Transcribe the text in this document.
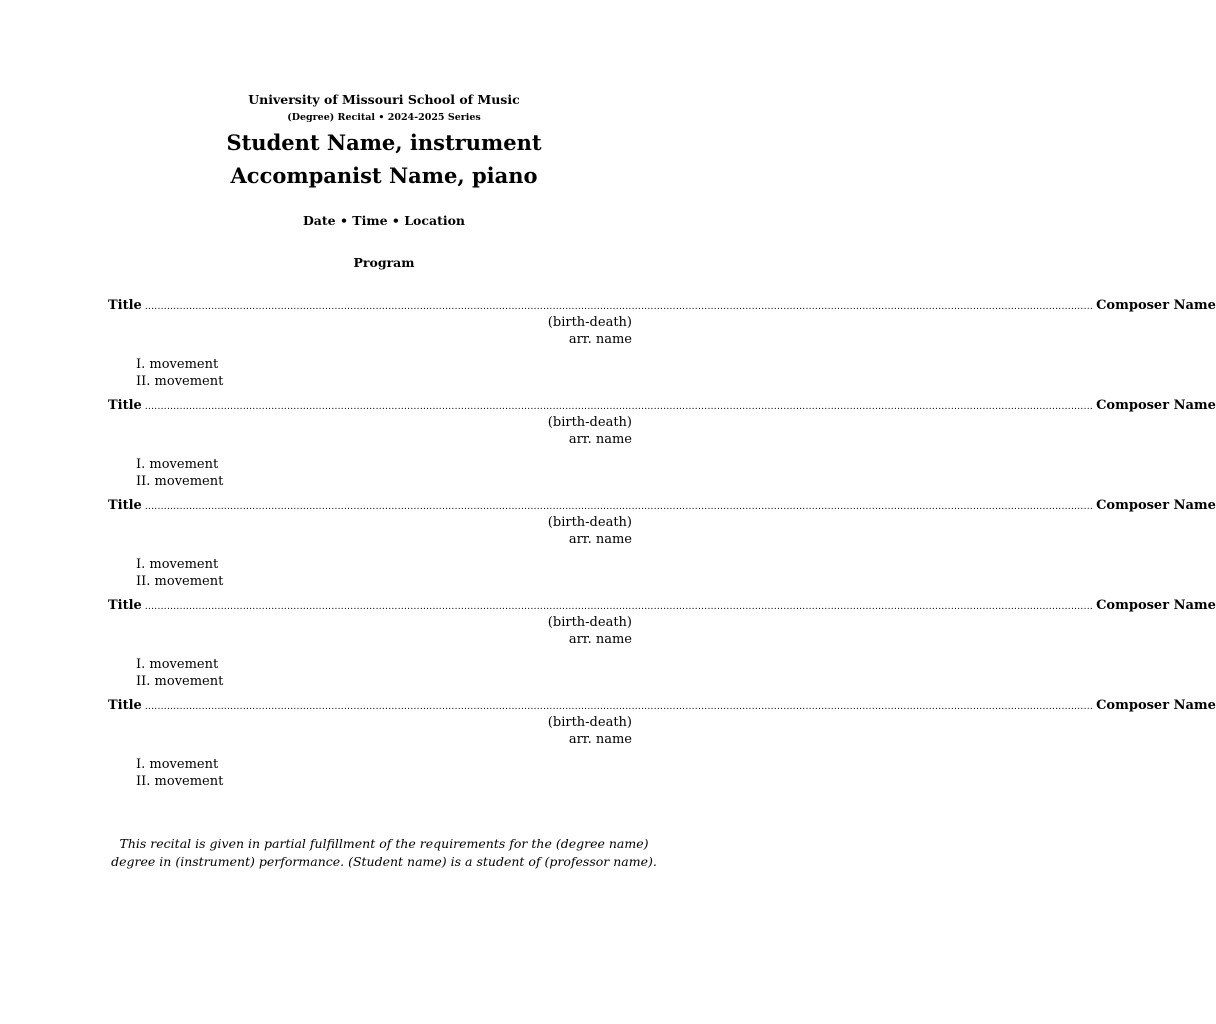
University of Missouri School of Music
(Degree) Recital • 2024-2025 Series
Student Name, instrument
Accompanist Name, piano
Date • Time • Location
Program
Title ............................................................................................................................................................................................................................................................................................................ Composer Name
(birth-death)
arr. name
I. movement
II. movement
Title ............................................................................................................................................................................................................................................................................................................ Composer Name
(birth-death)
arr. name
I. movement
II. movement
Title ............................................................................................................................................................................................................................................................................................................ Composer Name
(birth-death)
arr. name
I. movement
II. movement
Title ............................................................................................................................................................................................................................................................................................................ Composer Name
(birth-death)
arr. name
I. movement
II. movement
Title ............................................................................................................................................................................................................................................................................................................ Composer Name
(birth-death)
arr. name
I. movement
II. movement
This recital is given in partial fulfillment of the requirements for the (degree name) degree in (instrument) performance. (Student name) is a student of (professor name).
